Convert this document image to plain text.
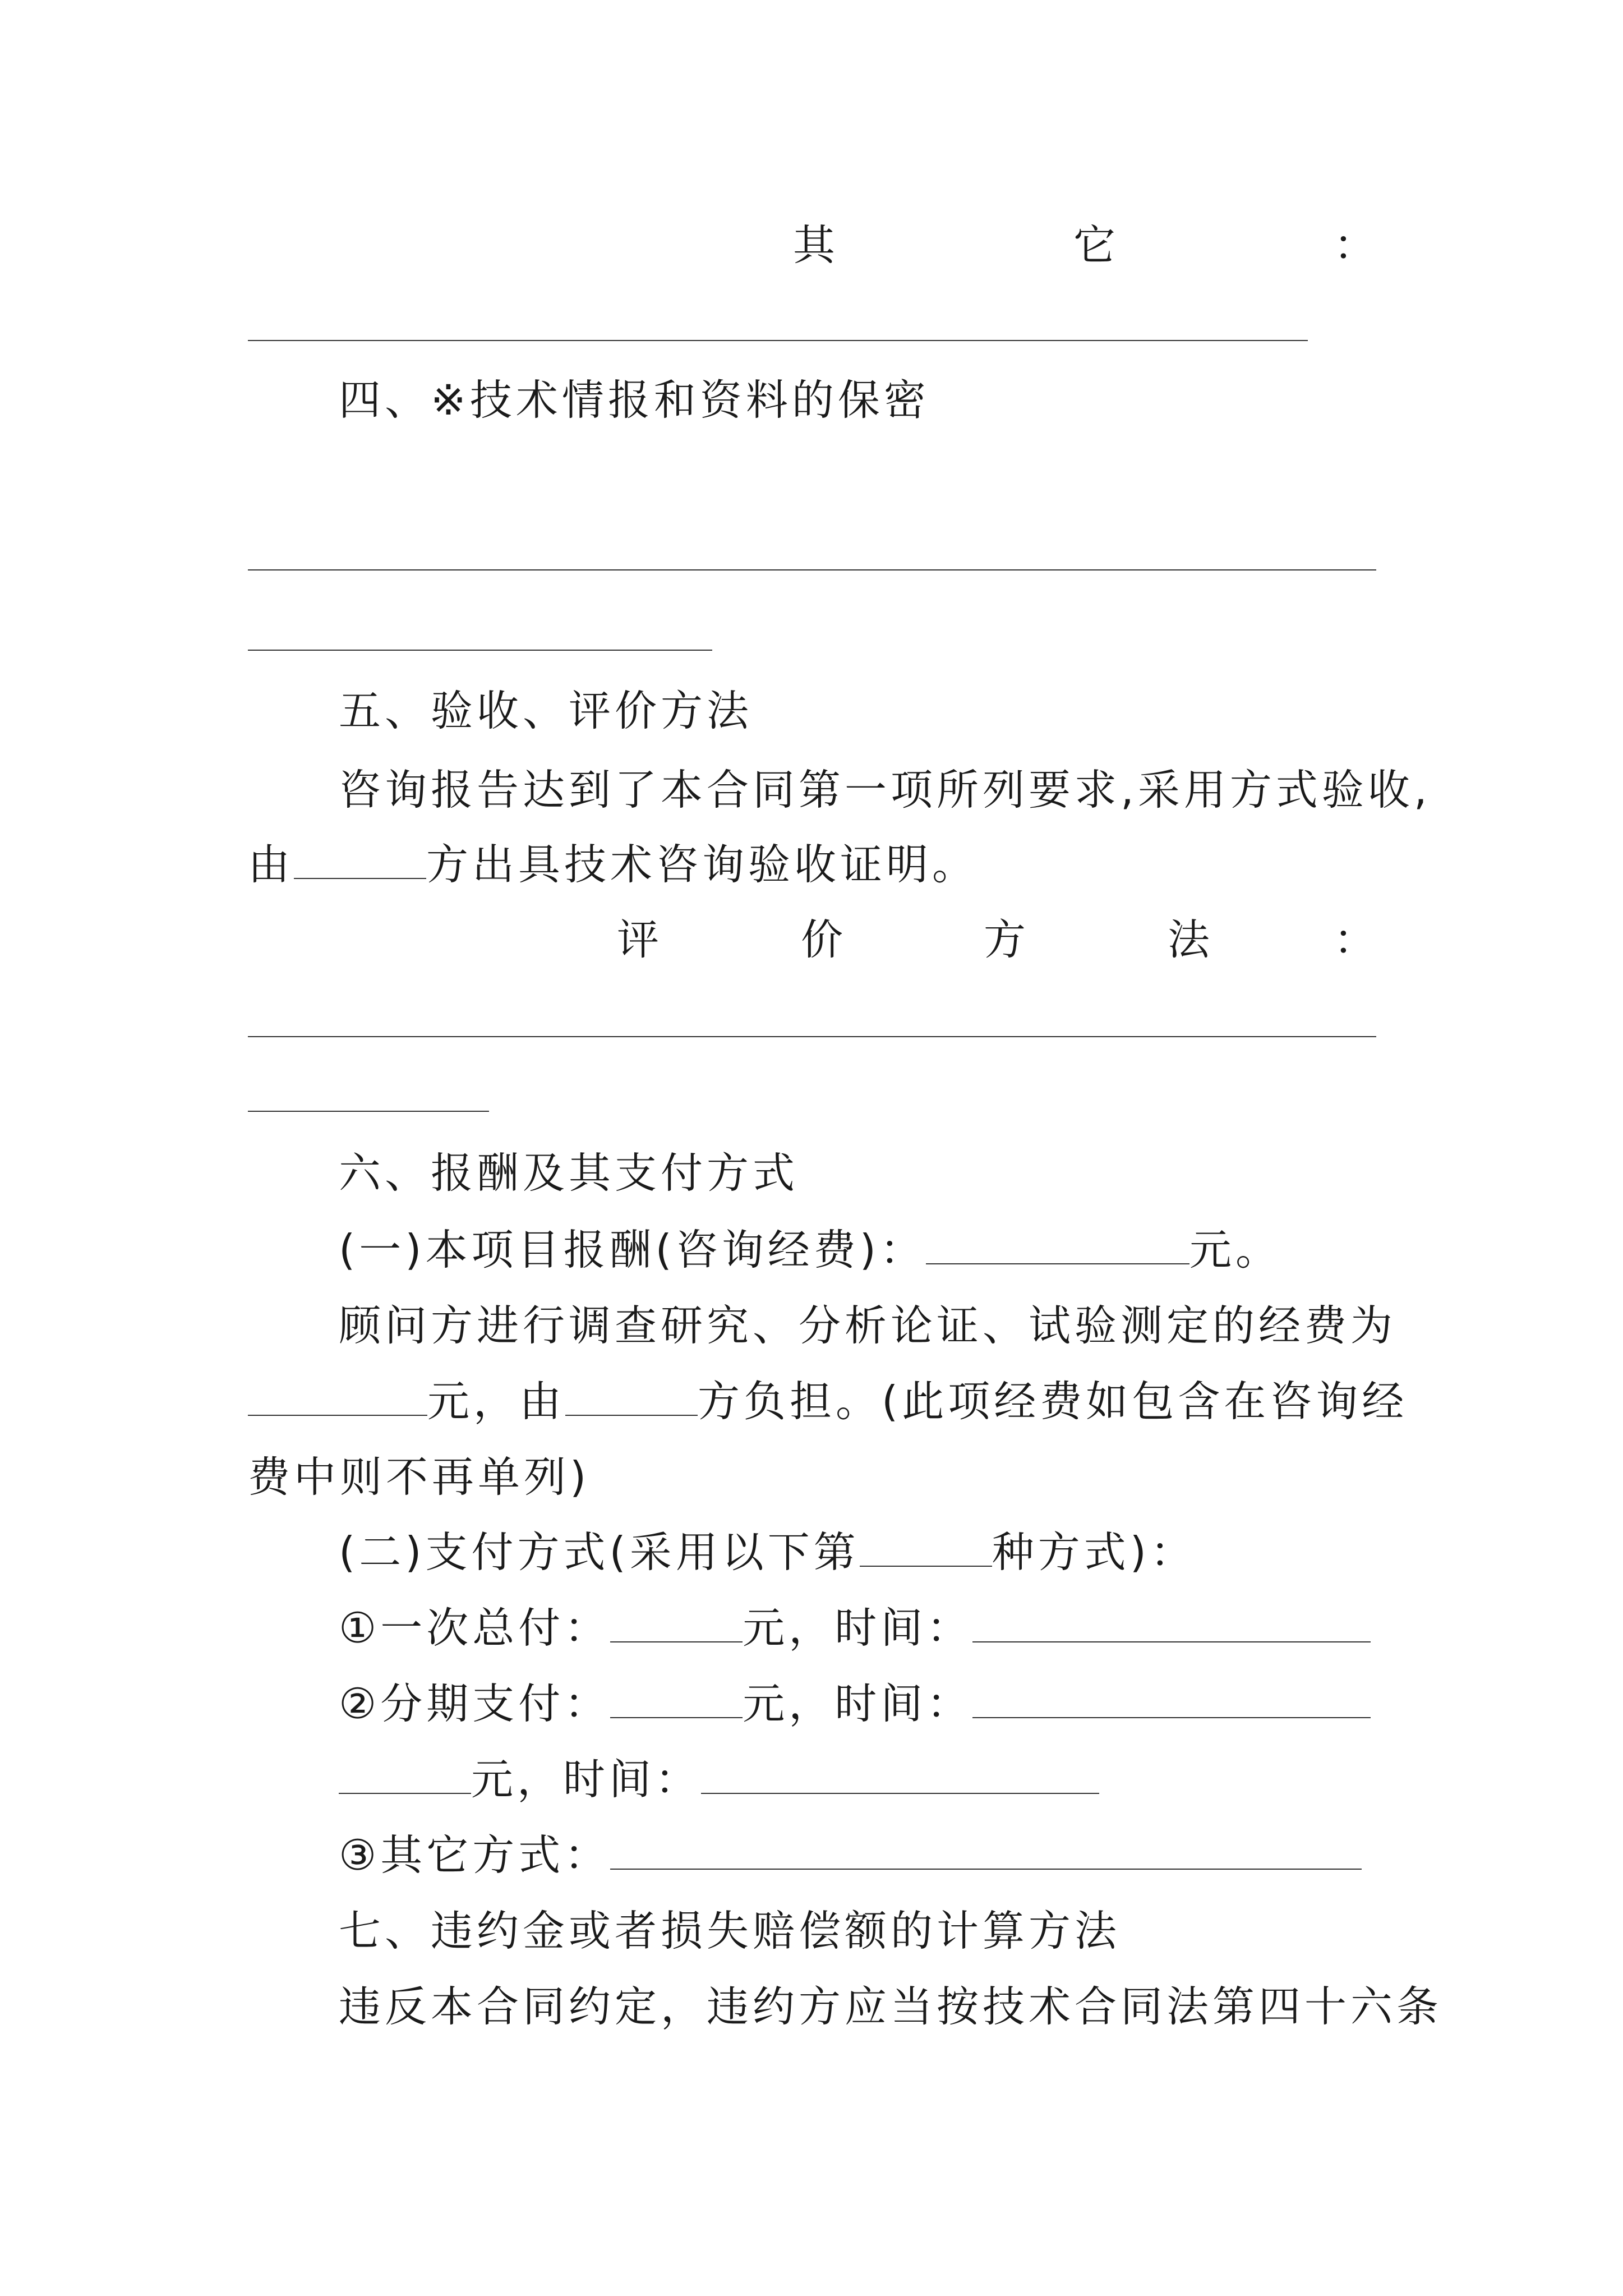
其	它	：
四、※技术情报和资料的保密
五、验收、评价方法
咨询报告达到了本合同第一项所列要求,采用方式验收,
由	方出具技术咨询验收证明。
评	价	方	法	：
六、报酬及其支付方式
(一)本项目报酬(咨询经费)：	元。
顾问方进行调查研究、分析论证、试验测定的经费为
元，由	方负担。(此项经费如包含在咨询经
费中则不再单列)
(二)支付方式(采用以下第	种方式)：
①一次总付：	元，时间：
②分期支付：	元，时间：
元，时间：
③其它方式：
七、违约金或者损失赔偿额的计算方法
违反本合同约定，违约方应当按技术合同法第四十六条
